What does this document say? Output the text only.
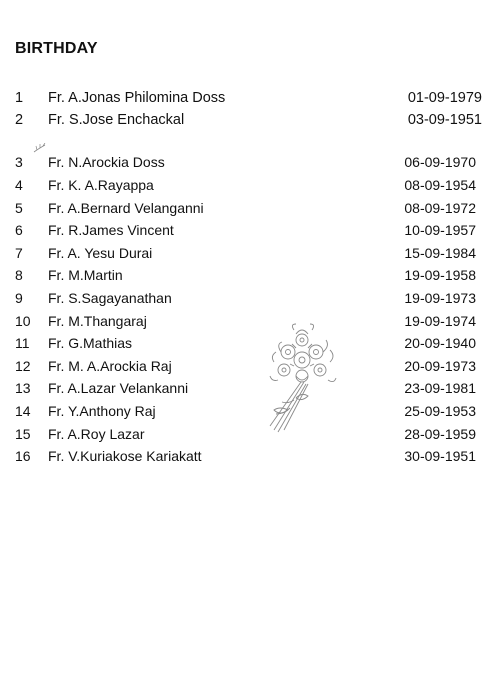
BIRTHDAY
1 Fr. A.Jonas Philomina Doss	01-09-1979
2 Fr. S.Jose Enchackal	03-09-1951
3 Fr. N.Arockia Doss	06-09-1970
4 Fr. K. A.Rayappa	08-09-1954
5 Fr. A.Bernard Velanganni	08-09-1972
6 Fr. R.James Vincent	10-09-1957
7 Fr. A. Yesu Durai	15-09-1984
8 Fr. M.Martin	19-09-1958
9 Fr. S.Sagayanathan	19-09-1973
10 Fr. M.Thangaraj	19-09-1974
11 Fr. G.Mathias	20-09-1940
12 Fr. M. A.Arockia Raj	20-09-1973
13 Fr. A.Lazar Velankanni	23-09-1981
14 Fr. Y.Anthony Raj	25-09-1953
15 Fr. A.Roy Lazar	28-09-1959
16 Fr. V.Kuriakose Kariakatt	30-09-1951
